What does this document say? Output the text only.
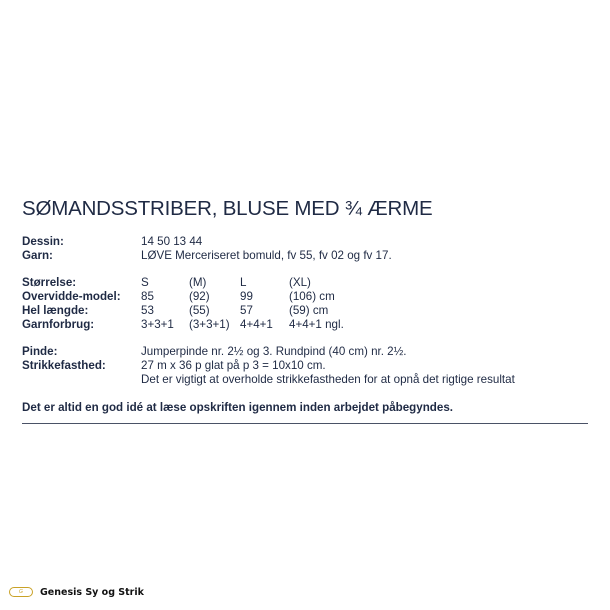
SØMANDSSTRIBER, BLUSE MED ¾ ÆRME
Dessin:	14 50 13 44
Garn:	LØVE Merceriseret bomuld, fv 55, fv 02 og fv 17.
Størrelse:	S	(M)	L	(XL)
Overvidde-model: 85	(92)	99	(106) cm
Hel længde:	53	(55)	57	(59) cm
Garnforbrug:	3+3+1 (3+3+1) 4+4+1 4+4+1 ngl.
Pinde:	Jumperpinde nr. 2½ og 3. Rundpind (40 cm) nr. 2½.
Strikkefasthed:	27 m x 36 p glat på p 3 = 10x10 cm.
Det er vigtigt at overholde strikkefastheden for at opnå det rigtige resultat
Det er altid en god idé at læse opskriften igennem inden arbejdet påbegyndes.
G	Genesis Sy og Strik
